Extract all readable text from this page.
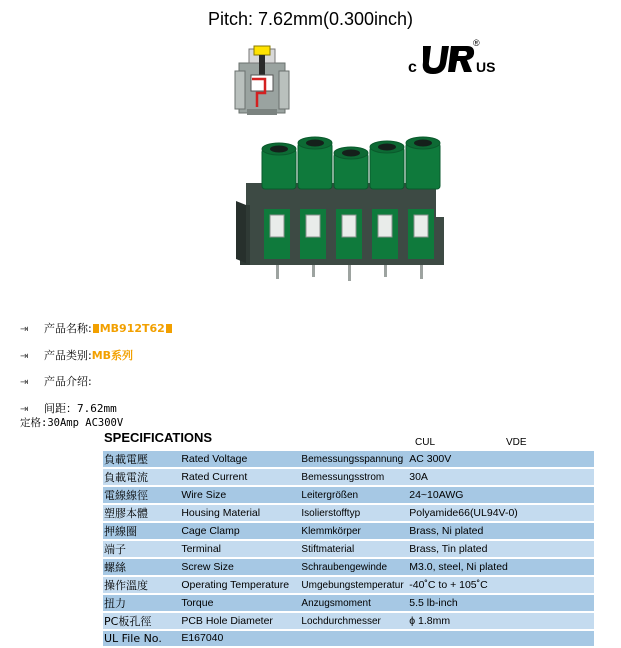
Pitch: 7.62mm(0.300inch)
c
®
US
⇥ 产品名称: MB912T62
⇥ 产品类别:MB系列
⇥ 产品介绍:
⇥ 间距：7.62mm
定格:30Amp AC300V
SPECIFICATIONS	CUL	VDE
負載電壓	Rated Voltage	Bemessungsspannung	AC 300V	
負載電流	Rated Current	Bemessungsstrom	30A	
電線線徑	Wire Size	Leitergrößen	24~10AWG	
塑膠本體	Housing Material	Isolierstofftyp	Polyamide66(UL94V-0)	
押線圈	Cage Clamp	Klemmkörper	Brass, Ni plated	
端子	Terminal	Stiftmaterial	Brass, Tin plated	
螺絲	Screw Size	Schraubengewinde	M3.0, steel, Ni plated	
操作溫度	Operating Temperature	Umgebungstemperatur	-40˚C to + 105˚C	
扭力	Torque	Anzugsmoment	5.5 lb-inch	
PC板孔徑	PCB Hole Diameter	Lochdurchmesser	ϕ 1.8mm	
UL File No.	E167040			
